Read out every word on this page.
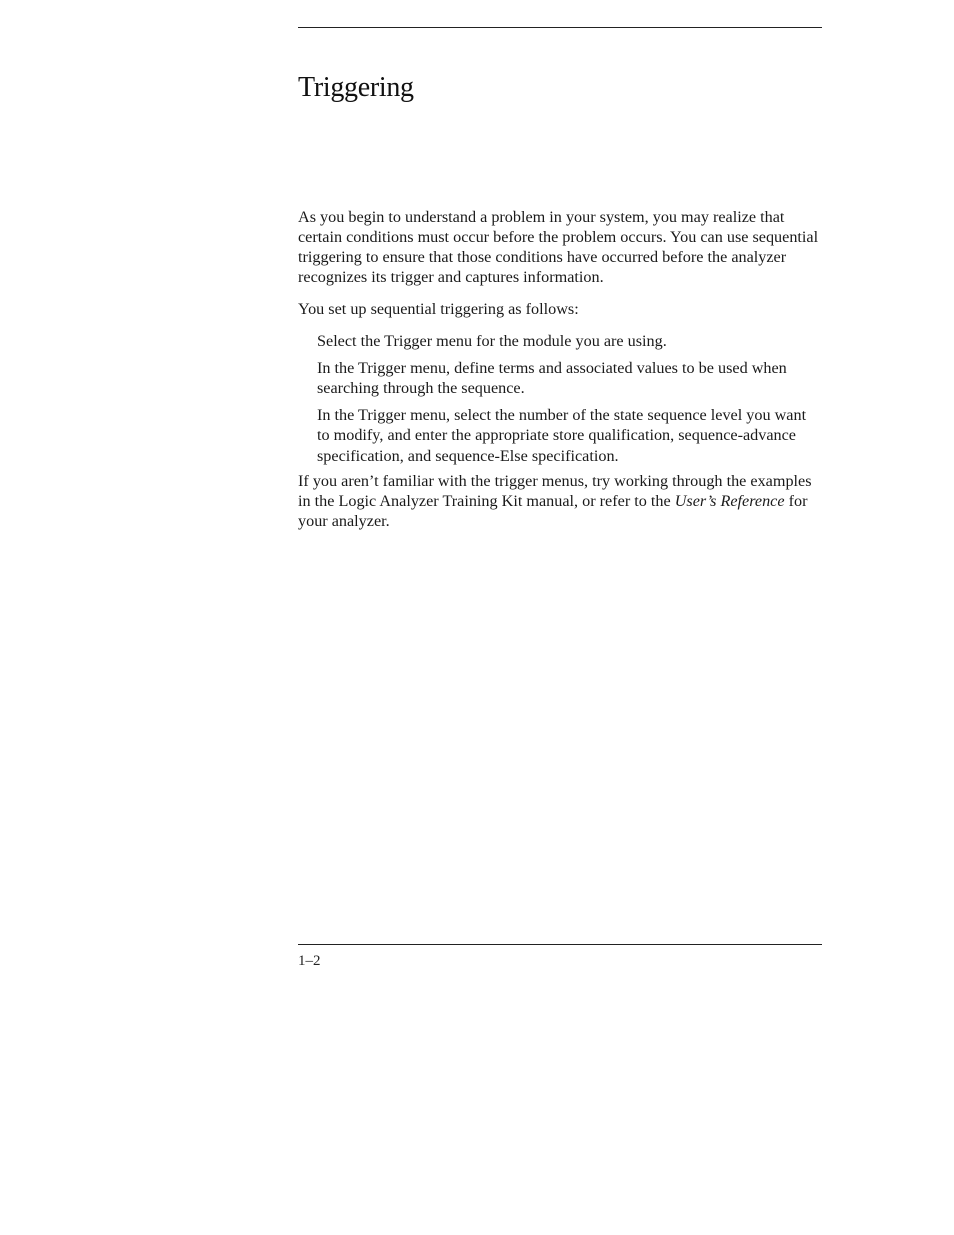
Triggering

As you begin to understand a problem in your system, you may realize that certain conditions must occur before the problem occurs. You can use sequential triggering to ensure that those conditions have occurred before the analyzer recognizes its trigger and captures information.

You set up sequential triggering as follows:

Select the Trigger menu for the module you are using.
In the Trigger menu, define terms and associated values to be used when searching through the sequence.
In the Trigger menu, select the number of the state sequence level you want to modify, and enter the appropriate store qualification, sequence-advance specification, and sequence-Else specification.

If you aren’t familiar with the trigger menus, try working through the examples in the Logic Analyzer Training Kit manual, or refer to the User’s Reference for your analyzer.

1–2
